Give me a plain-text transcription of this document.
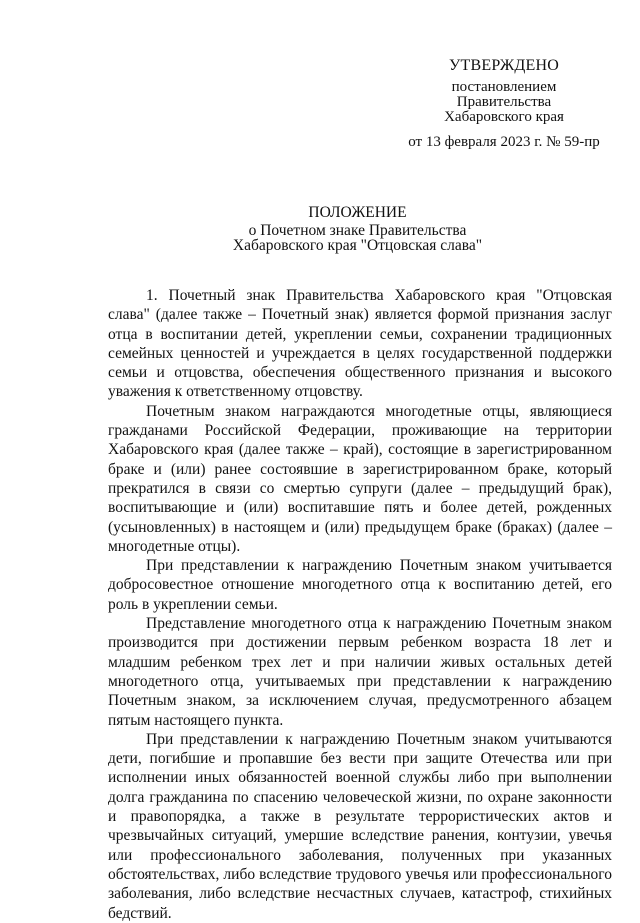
УТВЕРЖДЕНО
постановлением
Правительства
Хабаровского края
от 13 февраля 2023 г. № 59-пр
ПОЛОЖЕНИЕ
о Почетном знаке Правительства
Хабаровского края "Отцовская слава"

1. Почетный знак Правительства Хабаровского края "Отцовская слава" (далее также – Почетный знак) является формой признания заслуг отца в воспитании детей, укреплении семьи, сохранении традиционных семейных ценностей и учреждается в целях государственной поддержки семьи и отцовства, обеспечения общественного признания и высокого уважения к ответственному отцовству.

Почетным знаком награждаются многодетные отцы, являющиеся гражданами Российской Федерации, проживающие на территории Хабаровского края (далее также – край), состоящие в зарегистрированном браке и (или) ранее состоявшие в зарегистрированном браке, который прекратился в связи со смертью супруги (далее – предыдущий брак), воспитывающие и (или) воспитавшие пять и более детей, рожденных (усыновленных) в настоящем и (или) предыдущем браке (браках) (далее – многодетные отцы).

При представлении к награждению Почетным знаком учитывается добросовестное отношение многодетного отца к воспитанию детей, его роль в укреплении семьи.

Представление многодетного отца к награждению Почетным знаком производится при достижении первым ребенком возраста 18 лет и младшим ребенком трех лет и при наличии живых остальных детей многодетного отца, учитываемых при представлении к награждению Почетным знаком, за исключением случая, предусмотренного абзацем пятым настоящего пункта.

При представлении к награждению Почетным знаком учитываются дети, погибшие и пропавшие без вести при защите Отечества или при исполнении иных обязанностей военной службы либо при выполнении долга гражданина по спасению человеческой жизни, по охране законности и правопорядка, а также в результате террористических актов и чрезвычайных ситуаций, умершие вследствие ранения, контузии, увечья или профессионального заболевания, полученных при указанных обстоятельствах, либо вследствие трудового увечья или профессионального заболевания, либо вследствие несчастных случаев, катастроф, стихийных бедствий.
